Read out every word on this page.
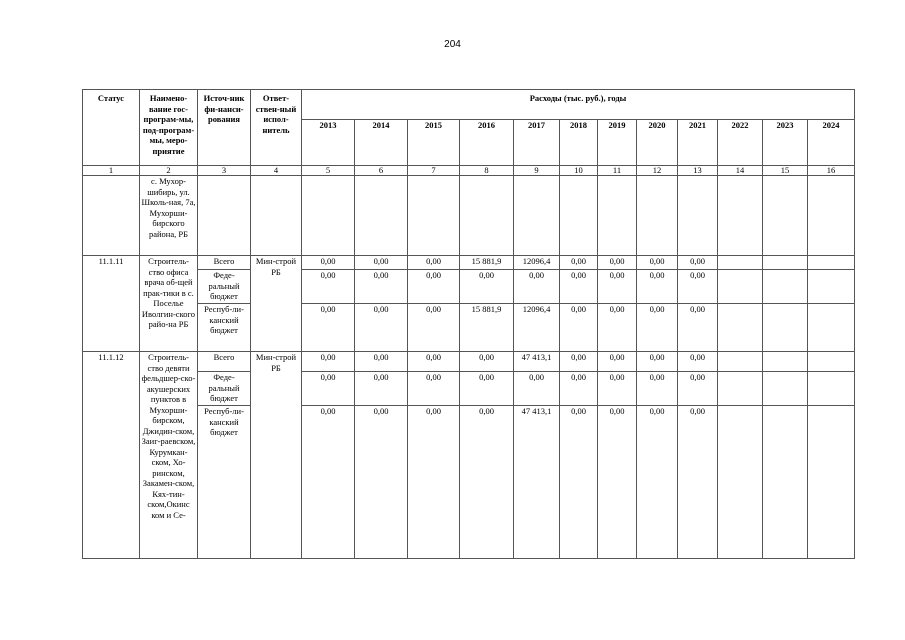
204
Статус	Наимено-вание гос-програм-мы, под-програм-мы, меро-приятие	Источ-ник фи-нанси-рования	Ответ-ствен-ный испол-нитель	Расходы (тыс. руб.), годы											
				2013	2014	2015	2016	2017	2018	2019	2020	2021	2022	2023	2024
1	2	3	4	5	6	7	8	9	10	11	12	13	14	15	16
	с. Мухор-шибирь, ул. Школь-ная, 7а, Мухорши-бирского района, РБ														
11.1.11	Строитель-ство офиса врача об-щей прак-тики в с. Поселье Иволгин-ского райо-на РБ	Всего	Мин-строй РБ	0,00	0,00	0,00	15 881,9	12096,4	0,00	0,00	0,00	0,00			
		Феде-ральный бюджет		0,00	0,00	0,00	0,00	0,00	0,00	0,00	0,00	0,00			
		Респуб-ли-канский бюджет		0,00	0,00	0,00	15 881,9	12096,4	0,00	0,00	0,00	0,00			
11.1.12	Строитель-ство девяти фельдшер-ско-акушерских пунктов в Мухорши-бирском, Джидин-ском, Заиг-раевском, Курумкан-ском, Хо-ринском, Закамен-ском, Кях-тин-ском,Окинс ком и Се-	Всего	Мин-строй РБ	0,00	0,00	0,00	0,00	47 413,1	0,00	0,00	0,00	0,00			
		Феде-ральный бюджет		0,00	0,00	0,00	0,00	0,00	0,00	0,00	0,00	0,00			
		Респуб-ли-канский бюджет		0,00	0,00	0,00	0,00	47 413,1	0,00	0,00	0,00	0,00			
